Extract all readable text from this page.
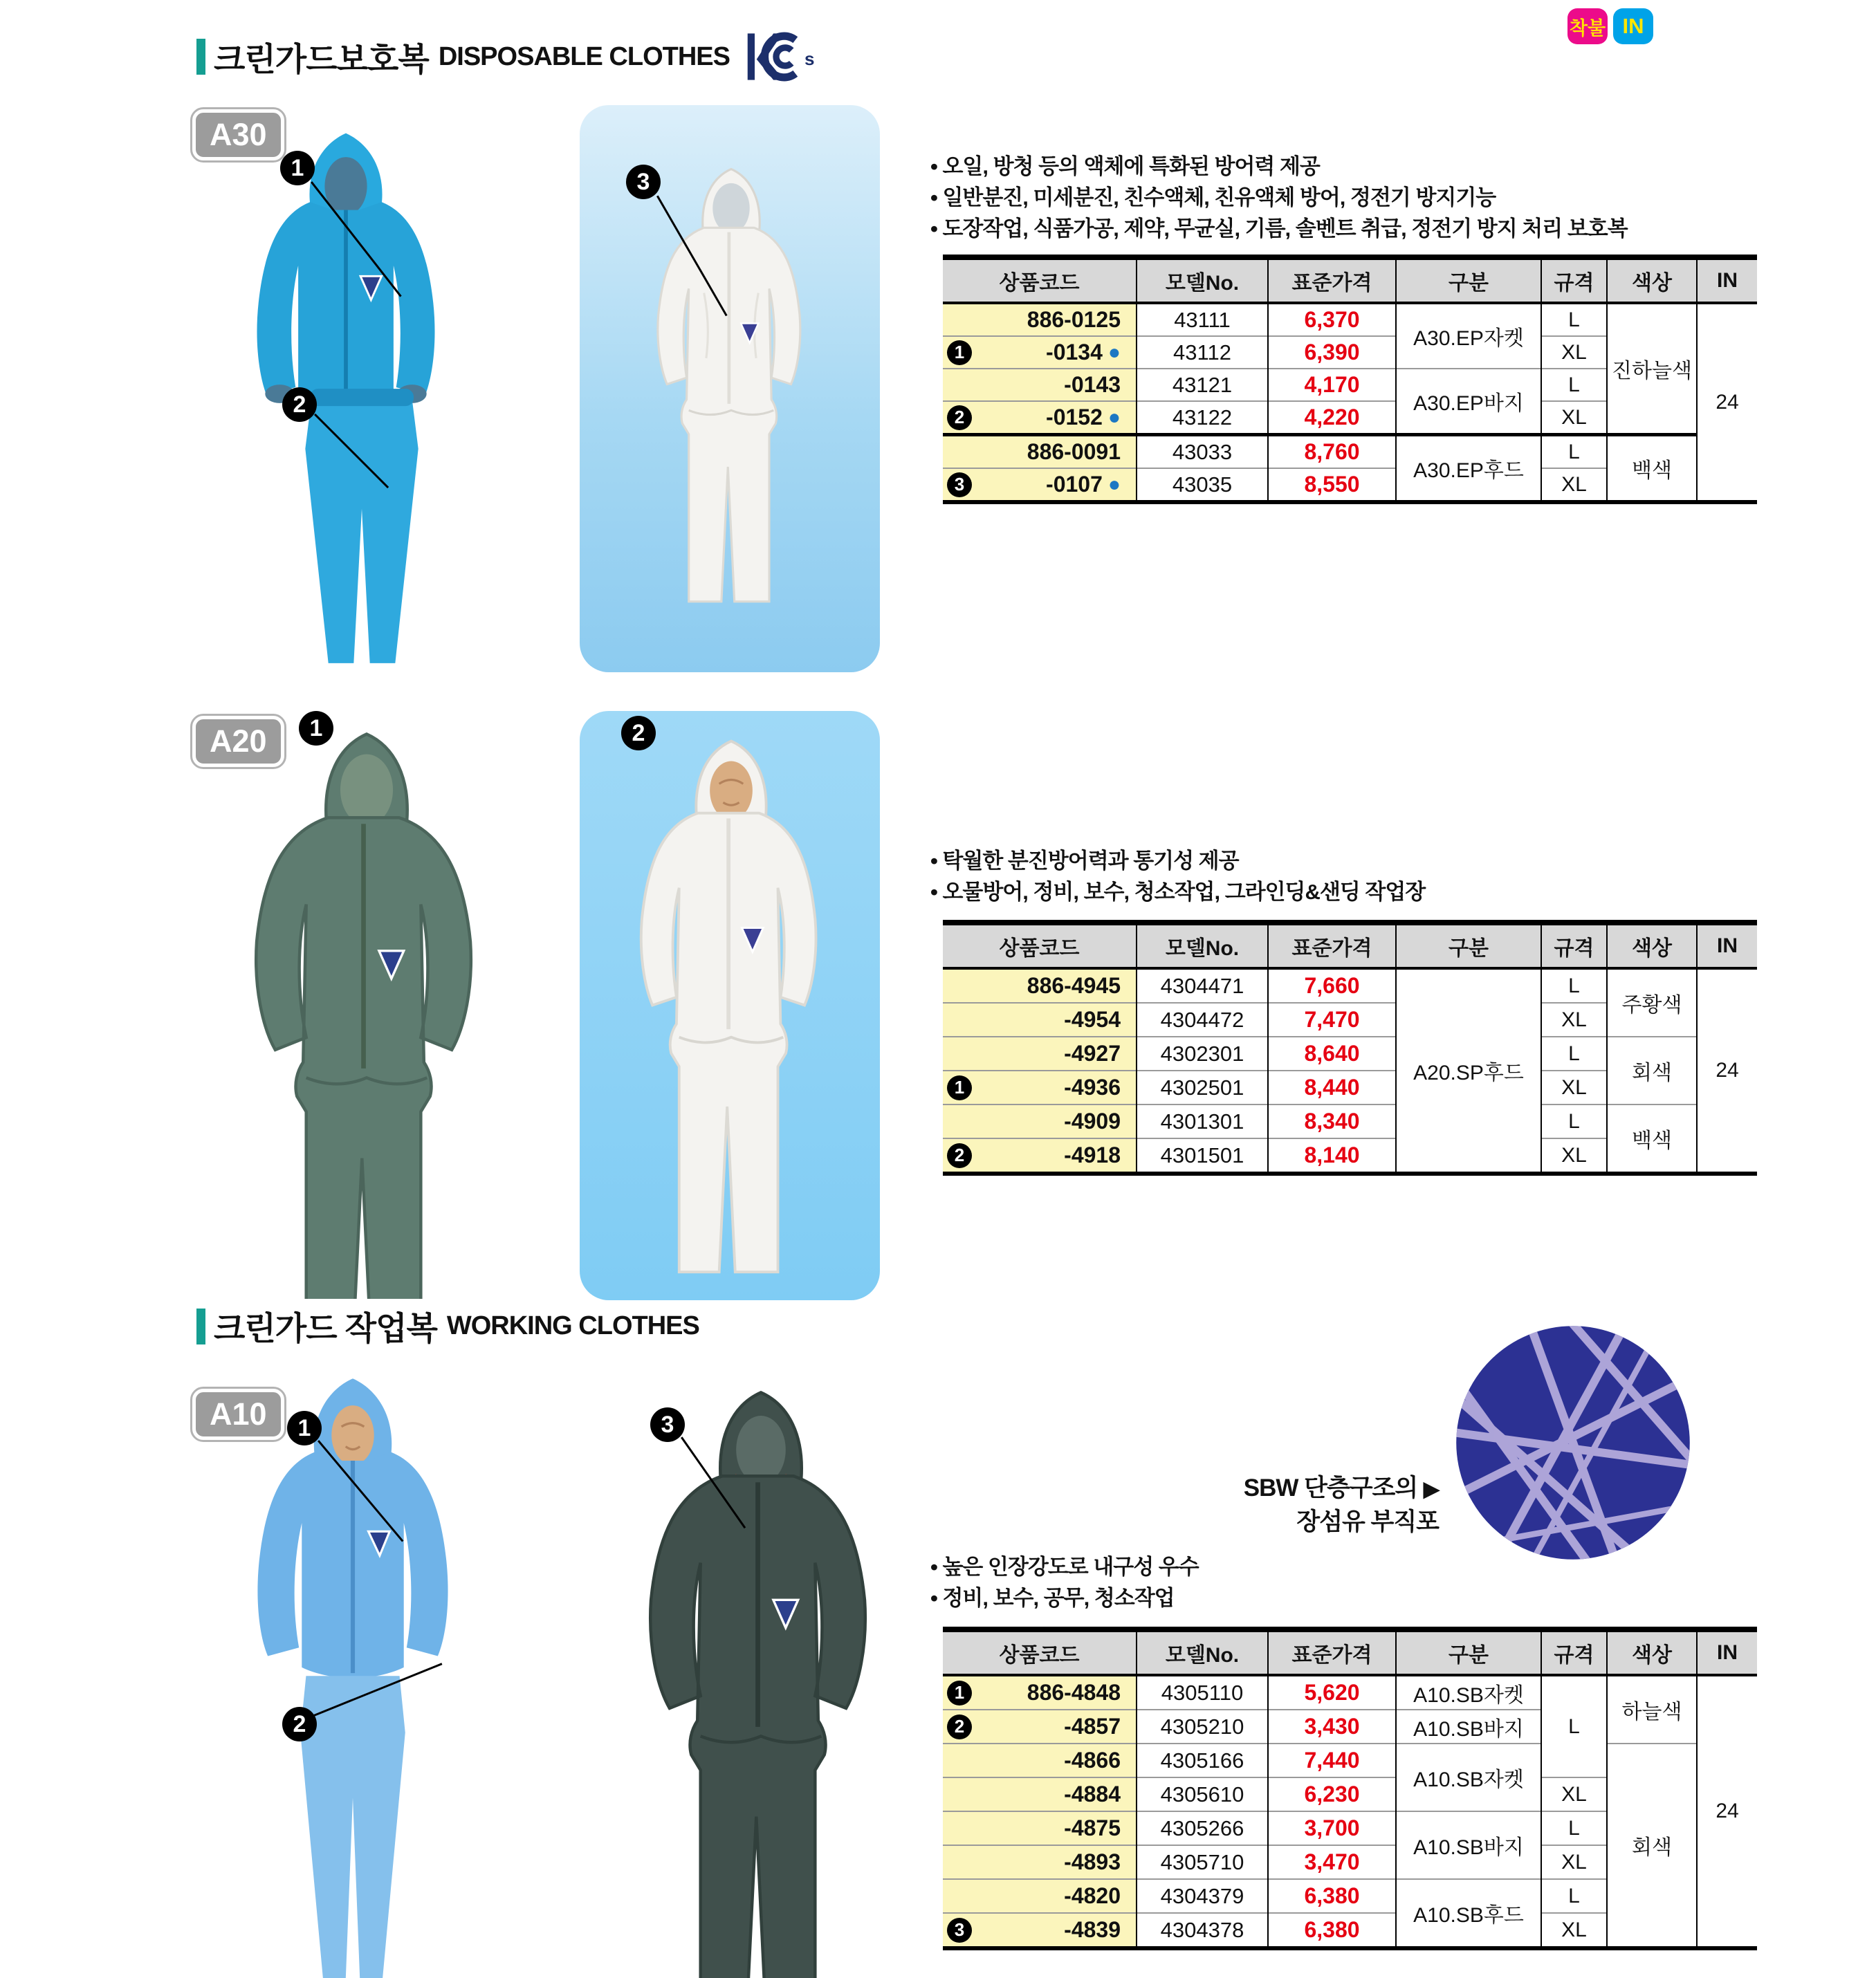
착불 IN
크린가드보호복 DISPOSABLE CLOTHES	s
A30
1
2
3
• 오일, 방청 등의 액체에 특화된 방어력 제공
• 일반분진, 미세분진, 친수액체, 친유액체 방어, 정전기 방지기능
• 도장작업, 식품가공, 제약, 무균실, 기름, 솔벤트 취급, 정전기 방지 처리 보호복
상품코드	모델No.	표준가격	구분	규격	색상	IN
886-0125	43111	6,370	A30.EP자켓	L	진하늘색	24

1 -0134 ●	43112	6,390		XL		
-0143	43121	4,170	A30.EP바지	L		

2 -0152 ●	43122	4,220		XL		
886-0091	43033	8,760	A30.EP후드	L	백색	

3 -0107 ●	43035	8,550		XL		
A20	1	2
• 탁월한 분진방어력과 통기성 제공
• 오물방어, 정비, 보수, 청소작업, 그라인딩&샌딩 작업장
상품코드	모델No.	표준가격	구분	규격	색상	IN
886-4945	4304471	7,660	A20.SP후드	L	주황색	24
-4954	4304472	7,470		XL		
-4927	4302301	8,640		L	회색	

1 -4936	4302501	8,440		XL		
-4909	4301301	8,340		L	백색	

2 -4918	4301501	8,140		XL		
크린가드 작업복 WORKING CLOTHES
A10	1
2
3
SBW 단층구조의 ▶
장섬유 부직포
• 높은 인장강도로 내구성 우수
• 정비, 보수, 공무, 청소작업
상품코드	모델No.	표준가격	구분	규격	색상	IN

1 886-4848	4305110	5,620	A10.SB자켓	L	하늘색	24

2 -4857	4305210	3,430	A10.SB바지			
-4866	4305166	7,440	A10.SB자켓		회색	
-4884	4305610	6,230		XL		
-4875	4305266	3,700	A10.SB바지	L		
-4893	4305710	3,470		XL		
-4820	4304379	6,380	A10.SB후드	L		

3 -4839	4304378	6,380		XL		
